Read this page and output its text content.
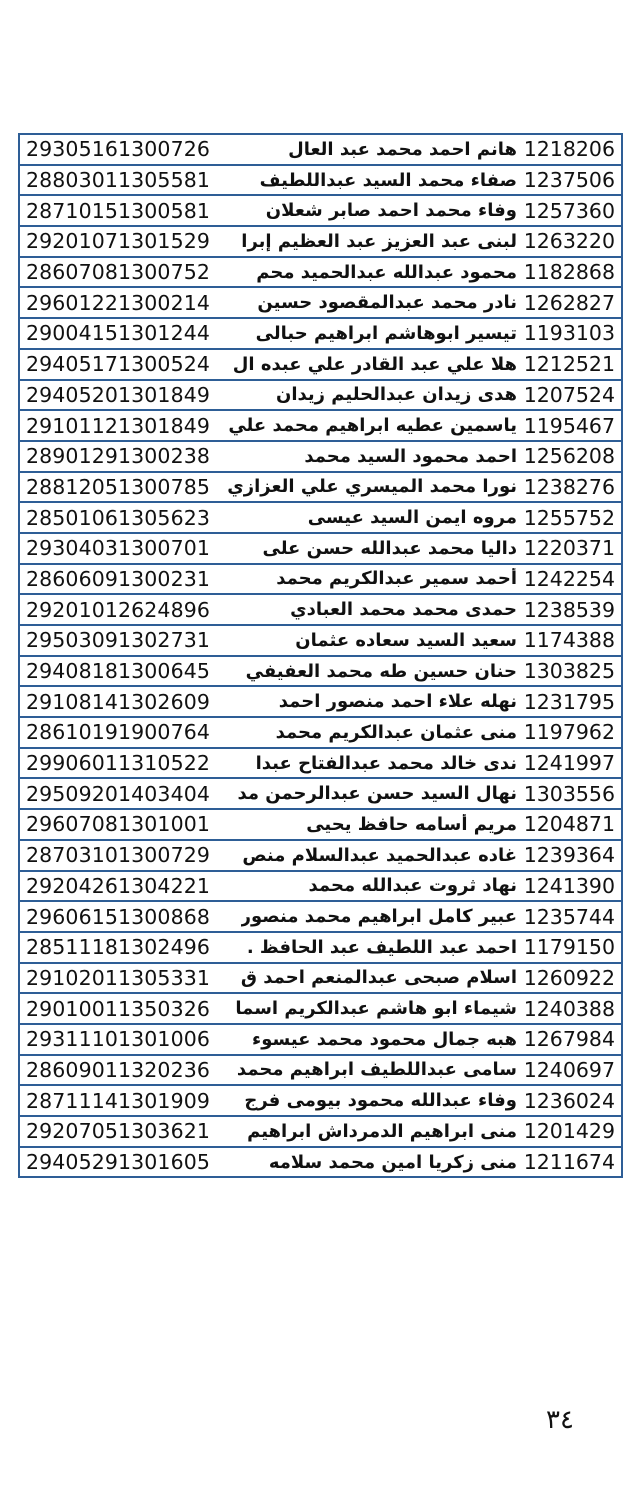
29305161300726	هانم احمد محمد عبد العال 1218206
28803011305581	صفاء محمد السيد عبداللطيف 1237506
28710151300581	وفاء محمد احمد صابر شعلان 1257360
29201071301529 لبنى عبد العزيز عبد العظيم إبرا 1263220
28607081300752	محمود عبدالله عبدالحميد محم 1182868
29601221300214	نادر محمد عبدالمقصود حسين 1262827
29004151301244	تيسير ابوهاشم ابراهيم حبالى 1193103
29405171300524 هلا علي عبد القادر علي عبده ال 1212521
29405201301849	هدى زيدان عبدالحليم زيدان 1207524
29101121301849 ياسمين عطيه ابراهيم محمد علي 1195467
28901291300238	احمد محمود السيد محمد 1256208
28812051300785 نورا محمد الميسري علي العزازي 1238276
28501061305623	مروه ايمن السيد عيسى 1255752
29304031300701	داليا محمد عبدالله حسن على 1220371
28606091300231	أحمد سمير عبدالكريم محمد 1242254
29201012624896	حمدى محمد محمد العبادي 1238539
29503091302731	سعيد السيد سعاده عثمان 1174388
29408181300645 حنان حسين طه محمد العفيفي 1303825
29108141302609	نهله علاء احمد منصور احمد 1231795
28610191900764	منى عثمان عبدالكريم محمد 1197962
29906011310522	ندى خالد محمد عبدالفتاح عبدا 1241997
29509201403404 نهال السيد حسن عبدالرحمن مد 1303556
29607081301001	مريم أسامه حافظ يحيى 1204871
28703101300729 غاده عبدالحميد عبدالسلام منص 1239364
29204261304221	نهاد ثروت عبدالله محمد 1241390
29606151300868 عبير كامل ابراهيم محمد منصور 1235744
28511181302496 احمد عبد اللطيف عبد الحافظ . 1179150
29102011305331 اسلام صبحى عبدالمنعم احمد ق 1260922
29010011350326 شيماء ابو هاشم عبدالكريم اسما 1240388
29311101301006 هبه جمال محمود محمد عيسوء 1267984
28609011320236 سامى عبداللطيف ابراهيم محمد 1240697
28711141301909 وفاء عبدالله محمود بيومى فرج 1236024
29207051303621 منى ابراهيم الدمرداش ابراهيم 1201429
29405291301605	منى زكريا امين محمد سلامه 1211674
٣٤
